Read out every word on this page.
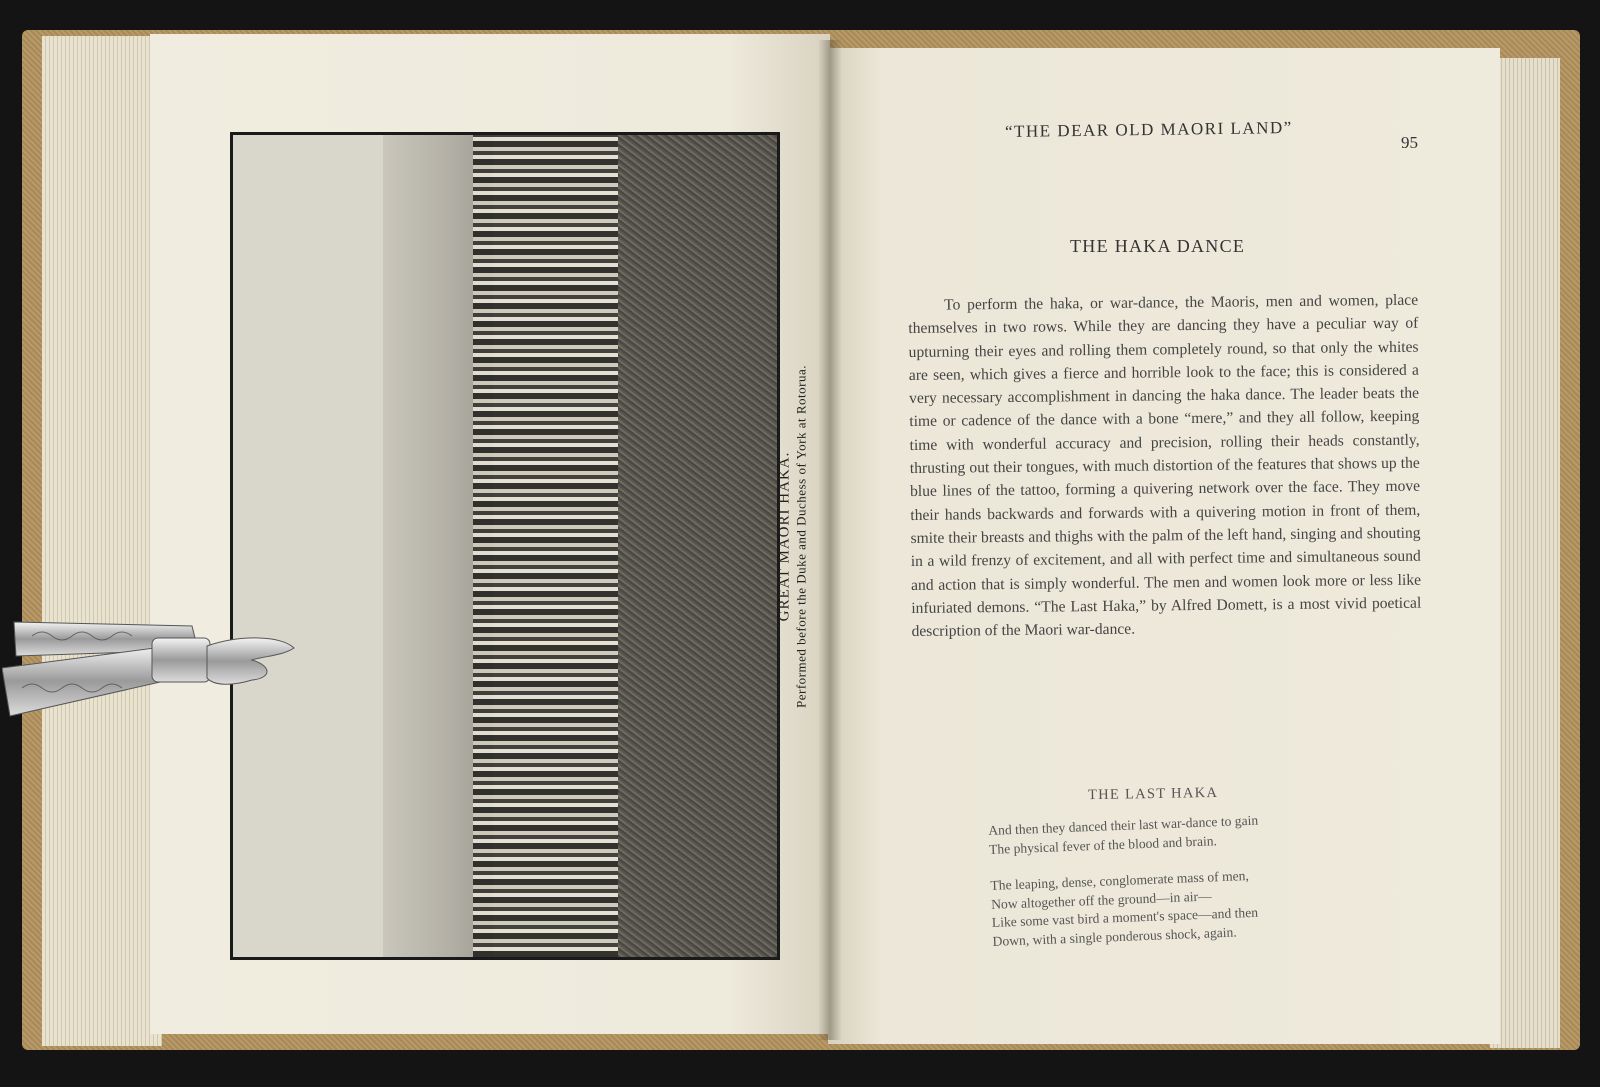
GREAT MAORI HAKA. Performed before the Duke and Duchess of York at Rotorua.
“THE DEAR OLD MAORI LAND”
95
THE HAKA DANCE

To perform the haka, or war-dance, the Maoris, men and women, place themselves in two rows. While they are dancing they have a peculiar way of upturning their eyes and rolling them completely round, so that only the whites are seen, which gives a fierce and horrible look to the face; this is considered a very necessary accomplishment in dancing the haka dance. The leader beats the time or cadence of the dance with a bone “mere,” and they all follow, keeping time with wonderful accuracy and precision, rolling their heads constantly, thrusting out their tongues, with much distortion of the features that shows up the blue lines of the tattoo, forming a quivering network over the face. They move their hands backwards and forwards with a quivering motion in front of them, smite their breasts and thighs with the palm of the left hand, singing and shouting in a wild frenzy of excitement, and all with perfect time and simultaneous sound and action that is simply wonderful. The men and women look more or less like infuriated demons. “The Last Haka,” by Alfred Domett, is a most vivid poetical description of the Maori war-dance.

THE LAST HAKA
And then they danced their last war-dance to gain
The physical fever of the blood and brain.
The leaping, dense, conglomerate mass of men,
Now altogether off the ground—in air—
Like some vast bird a moment's space—and then
Down, with a single ponderous shock, again.
